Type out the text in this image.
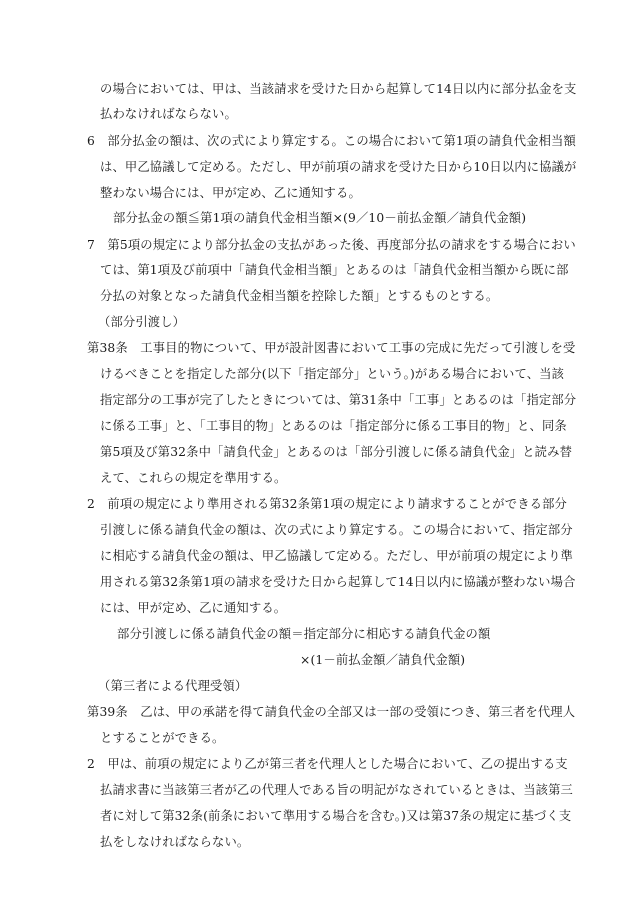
の場合においては、甲は、当該請求を受けた日から起算して14日以内に部分払金を支
払わなければならない。
6　部分払金の額は、次の式により算定する。この場合において第1項の請負代金相当額
は、甲乙協議して定める。ただし、甲が前項の請求を受けた日から10日以内に協議が
整わない場合には、甲が定め、乙に通知する。
部分払金の額≦第1項の請負代金相当額×(9／10－前払金額／請負代金額)
7　第5項の規定により部分払金の支払があった後、再度部分払の請求をする場合におい
ては、第1項及び前項中「請負代金相当額」とあるのは「請負代金相当額から既に部
分払の対象となった請負代金相当額を控除した額」とするものとする。
（部分引渡し）
第38条　工事目的物について、甲が設計図書において工事の完成に先だって引渡しを受
けるべきことを指定した部分(以下「指定部分」という。)がある場合において、当該
指定部分の工事が完了したときについては、第31条中「工事」とあるのは「指定部分
に係る工事」と、「工事目的物」とあるのは「指定部分に係る工事目的物」と、同条
第5項及び第32条中「請負代金」とあるのは「部分引渡しに係る請負代金」と読み替
えて、これらの規定を準用する。
2　前項の規定により準用される第32条第1項の規定により請求することができる部分
引渡しに係る請負代金の額は、次の式により算定する。この場合において、指定部分
に相応する請負代金の額は、甲乙協議して定める。ただし、甲が前項の規定により準
用される第32条第1項の請求を受けた日から起算して14日以内に協議が整わない場合
には、甲が定め、乙に通知する。
部分引渡しに係る請負代金の額＝指定部分に相応する請負代金の額
×(1－前払金額／請負代金額)
（第三者による代理受領）
第39条　乙は、甲の承諾を得て請負代金の全部又は一部の受領につき、第三者を代理人
とすることができる。
2　甲は、前項の規定により乙が第三者を代理人とした場合において、乙の提出する支
払請求書に当該第三者が乙の代理人である旨の明記がなされているときは、当該第三
者に対して第32条(前条において準用する場合を含む。)又は第37条の規定に基づく支
払をしなければならない。
